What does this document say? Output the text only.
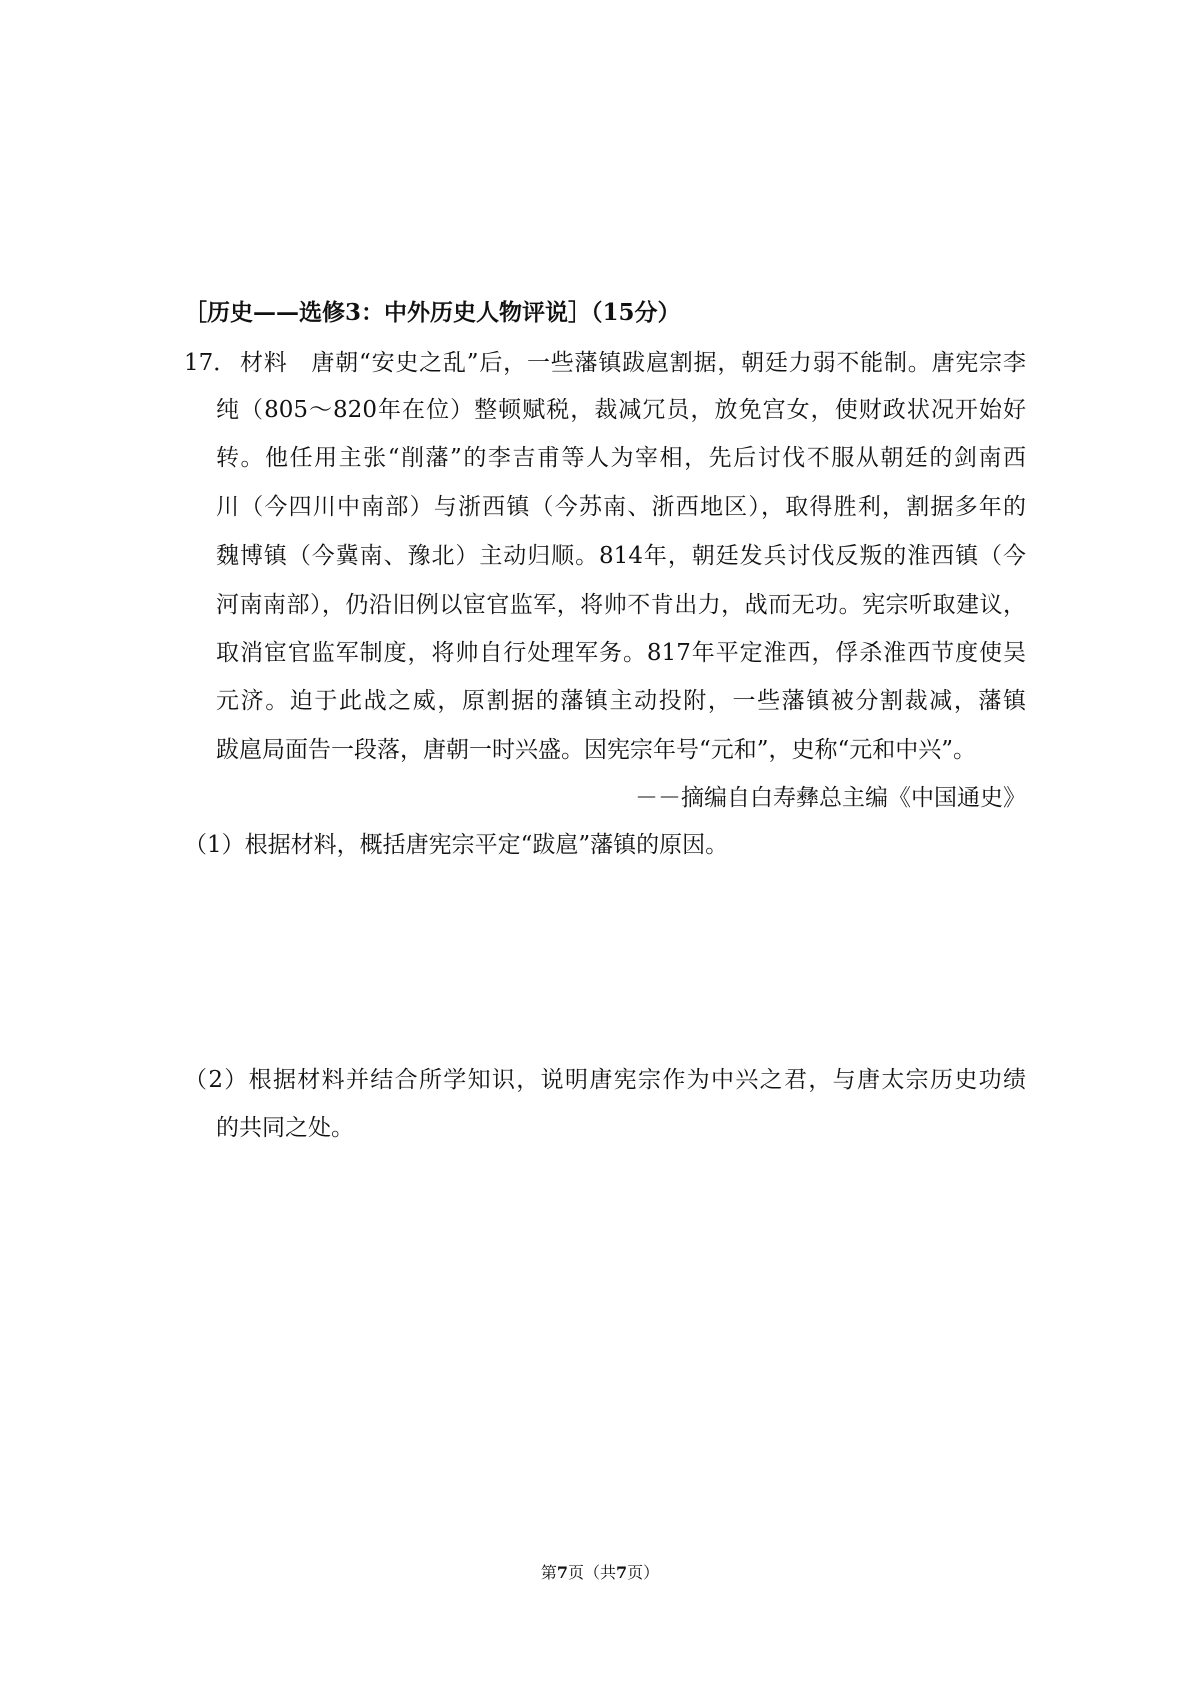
［历史——选修3：中外历史人物评说］（15分）
17． 材料　唐朝“安史之乱”后，一些藩镇跋扈割据，朝廷力弱不能制。唐宪宗李
纯（805～820年在位）整顿赋税，裁减冗员，放免宫女，使财政状况开始好
转。他任用主张“削藩”的李吉甫等人为宰相，先后讨伐不服从朝廷的剑南西
川（今四川中南部）与浙西镇（今苏南、浙西地区），取得胜利，割据多年的
魏博镇（今冀南、豫北）主动归顺。814年，朝廷发兵讨伐反叛的淮西镇（今
河南南部），仍沿旧例以宦官监军，将帅不肯出力，战而无功。宪宗听取建议，
取消宦官监军制度，将帅自行处理军务。817年平定淮西，俘杀淮西节度使吴
元济。迫于此战之威，原割据的藩镇主动投附，一些藩镇被分割裁减，藩镇
跋扈局面告一段落，唐朝一时兴盛。因宪宗年号“元和”，史称“元和中兴”。
－－摘编自白寿彝总主编《中国通史》
（1）根据材料，概括唐宪宗平定“跋扈”藩镇的原因。
（2）根据材料并结合所学知识，说明唐宪宗作为中兴之君，与唐太宗历史功绩
的共同之处。
第7页（共7页）
